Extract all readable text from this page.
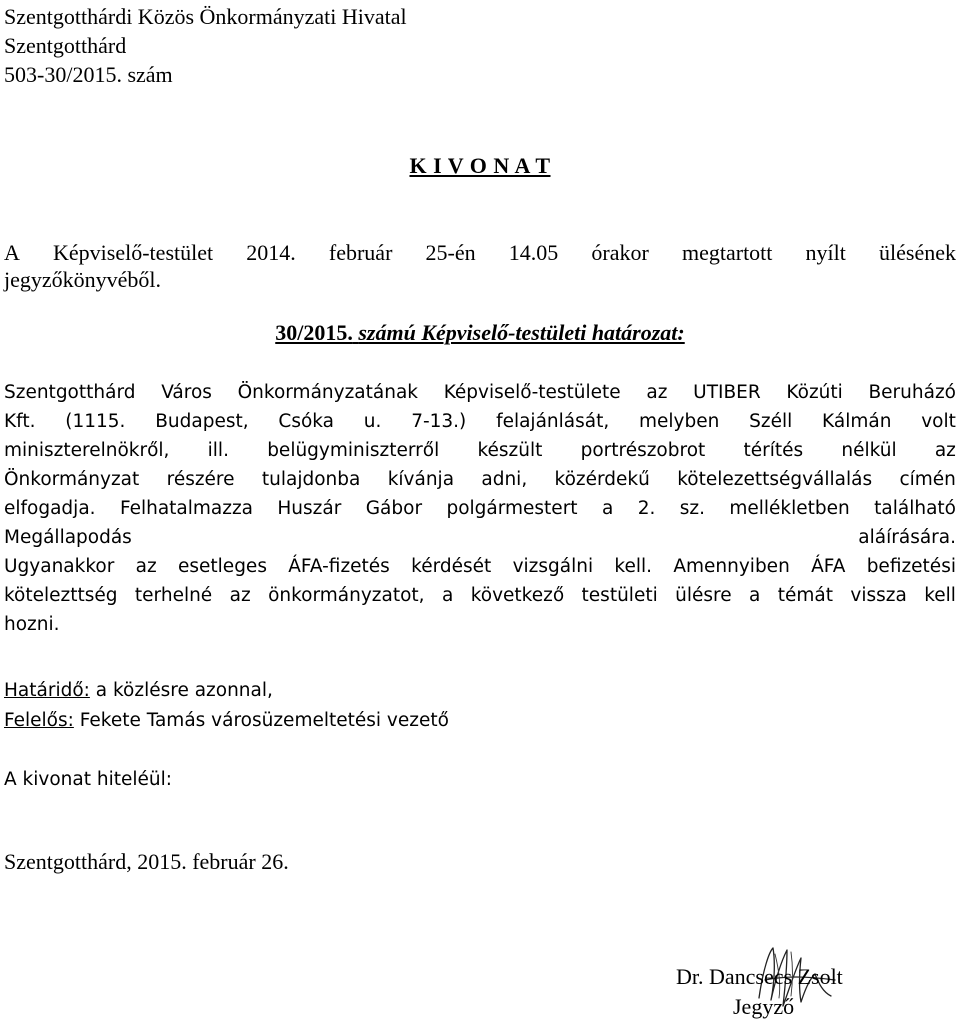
Szentgotthárdi Közös Önkormányzati Hivatal
Szentgotthárd
503-30/2015. szám
K I V O N A T
A Képviselő-testület 2014. február 25-én 14.05 órakor megtartott nyílt ülésének
jegyzőkönyvéből.
30/2015. számú Képviselő-testületi határozat:
Szentgotthárd Város Önkormányzatának Képviselő-testülete az UTIBER Közúti Beruházó
Kft. (1115. Budapest, Csóka u. 7-13.) felajánlását, melyben Széll Kálmán volt
miniszterelnökről, ill. belügyminiszterről készült portrészobrot térítés nélkül az
Önkormányzat részére tulajdonba kívánja adni, közérdekű kötelezettségvállalás címén
elfogadja. Felhatalmazza Huszár Gábor polgármestert a 2. sz. mellékletben található
Megállapodás	aláírására.
Ugyanakkor az esetleges ÁFA-fizetés kérdését vizsgálni kell. Amennyiben ÁFA befizetési
kötelezttség terhelné az önkormányzatot, a következő testületi ülésre a témát vissza kell
hozni.
Határidő: a közlésre azonnal,
Felelős: Fekete Tamás városüzemeltetési vezető
A kivonat hiteléül:
Szentgotthárd, 2015. február 26.
Dr. Dancsecs Zsolt
Jegyző
